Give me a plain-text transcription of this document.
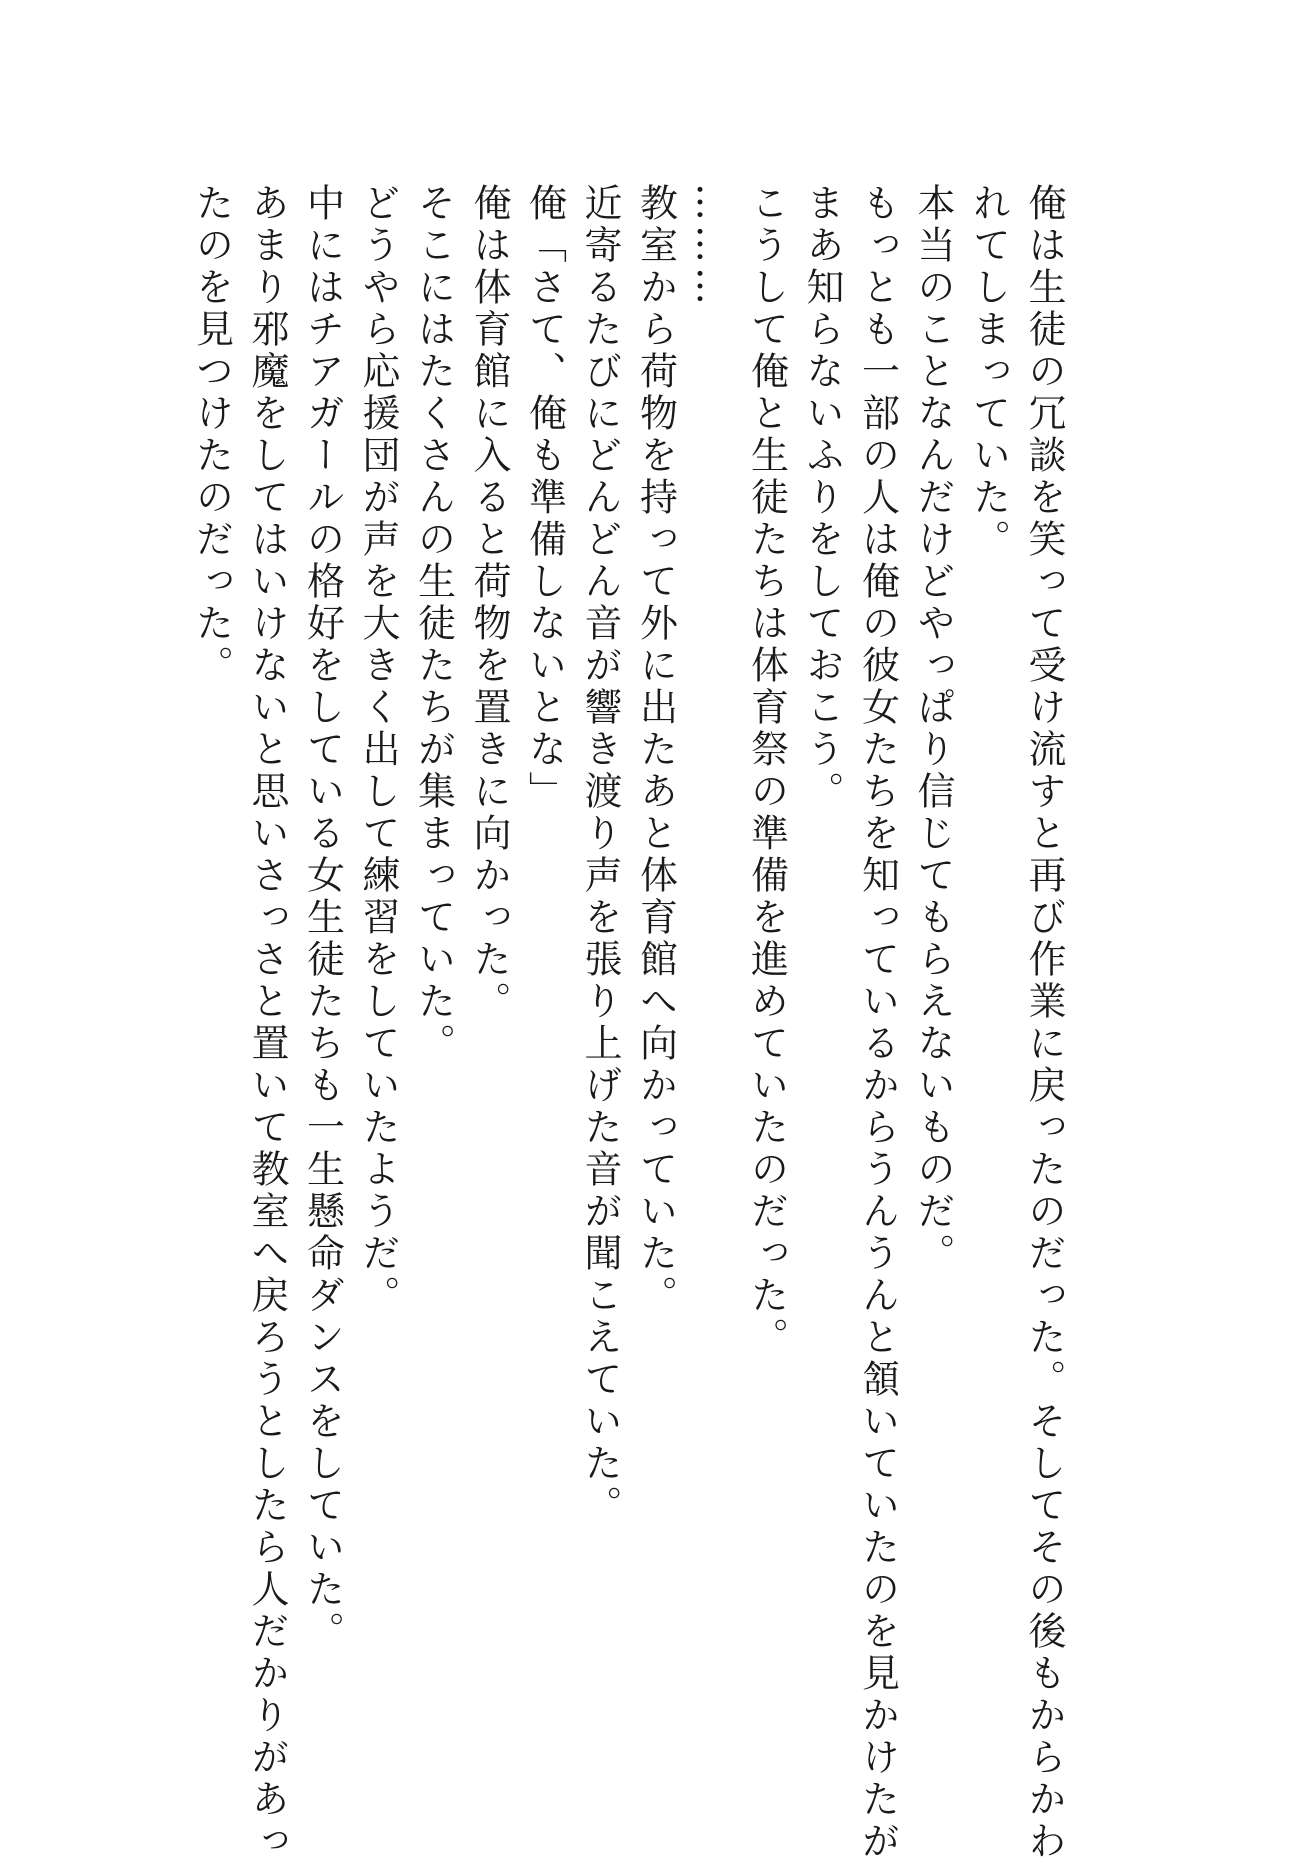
俺は生徒の冗談を笑って受け流すと再び作業に戻ったのだった。そしてその後もからかわ
れてしまっていた。
本当のことなんだけどやっぱり信じてもらえないものだ。
もっとも一部の人は俺の彼女たちを知っているからうんうんと頷いていたのを見かけたが
まあ知らないふりをしておこう。
こうして俺と生徒たちは体育祭の準備を進めていたのだった。
………
教室から荷物を持って外に出たあと体育館へ向かっていた。
近寄るたびにどんどん音が響き渡り声を張り上げた音が聞こえていた。
俺「さて、俺も準備しないとな」
俺は体育館に入ると荷物を置きに向かった。
そこにはたくさんの生徒たちが集まっていた。
どうやら応援団が声を大きく出して練習をしていたようだ。
中にはチアガールの格好をしている女生徒たちも一生懸命ダンスをしていた。
あまり邪魔をしてはいけないと思いさっさと置いて教室へ戻ろうとしたら人だかりがあっ
たのを見つけたのだった。
